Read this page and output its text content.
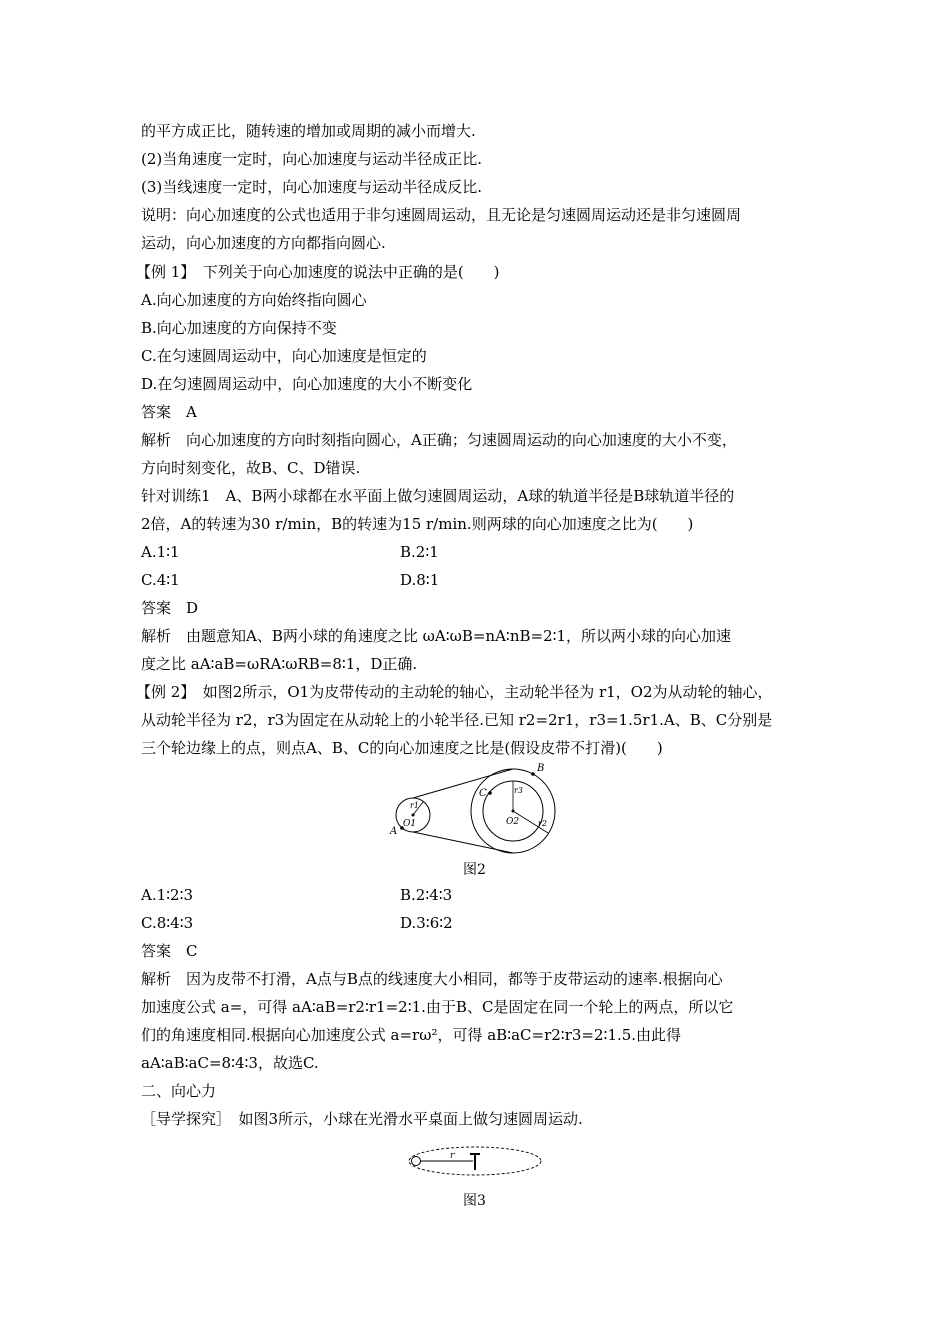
的平方成正比，随转速的增加或周期的减小而增大.
(2)当角速度一定时，向心加速度与运动半径成正比.
(3)当线速度一定时，向心加速度与运动半径成反比.
说明：向心加速度的公式也适用于非匀速圆周运动，且无论是匀速圆周运动还是非匀速圆周
运动，向心加速度的方向都指向圆心.
【例 1】　下列关于向心加速度的说法中正确的是(　　)
A.向心加速度的方向始终指向圆心
B.向心加速度的方向保持不变
C.在匀速圆周运动中，向心加速度是恒定的
D.在匀速圆周运动中，向心加速度的大小不断变化
答案　A
解析　向心加速度的方向时刻指向圆心，A正确；匀速圆周运动的向心加速度的大小不变，
方向时刻变化，故B、C、D错误.
针对训练1　A、B两小球都在水平面上做匀速圆周运动，A球的轨道半径是B球轨道半径的
2倍，A的转速为30 r/min，B的转速为15 r/min.则两球的向心加速度之比为(　　)
A.1∶1	B.2∶1
C.4∶1	D.8∶1
答案　D
解析　由题意知A、B两小球的角速度之比 ωA∶ωB=nA∶nB=2∶1，所以两小球的向心加速
度之比 aA∶aB=ωRA∶ωRB=8∶1，D正确.
【例 2】　如图2所示，O1为皮带传动的主动轮的轴心，主动轮半径为 r1，O2为从动轮的轴心，
从动轮半径为 r2，r3为固定在从动轮上的小轮半径.已知 r2=2r1，r3=1.5r1.A、B、C分别是
三个轮边缘上的点，则点A、B、C的向心加速度之比是(假设皮带不打滑)(　　)
A
B
C
O1	O2
r1
r2
r3
图2
A.1∶2∶3	B.2∶4∶3
C.8∶4∶3	D.3∶6∶2
答案　C
解析　因为皮带不打滑，A点与B点的线速度大小相同，都等于皮带运动的速率.根据向心
加速度公式 a=，可得 aA∶aB=r2∶r1=2∶1.由于B、C是固定在同一个轮上的两点，所以它
们的角速度相同.根据向心加速度公式 a=rω²，可得 aB∶aC=r2∶r3=2∶1.5.由此得
aA∶aB∶aC=8∶4∶3，故选C.
二、向心力
［导学探究］　如图3所示，小球在光滑水平桌面上做匀速圆周运动.
r
图3
